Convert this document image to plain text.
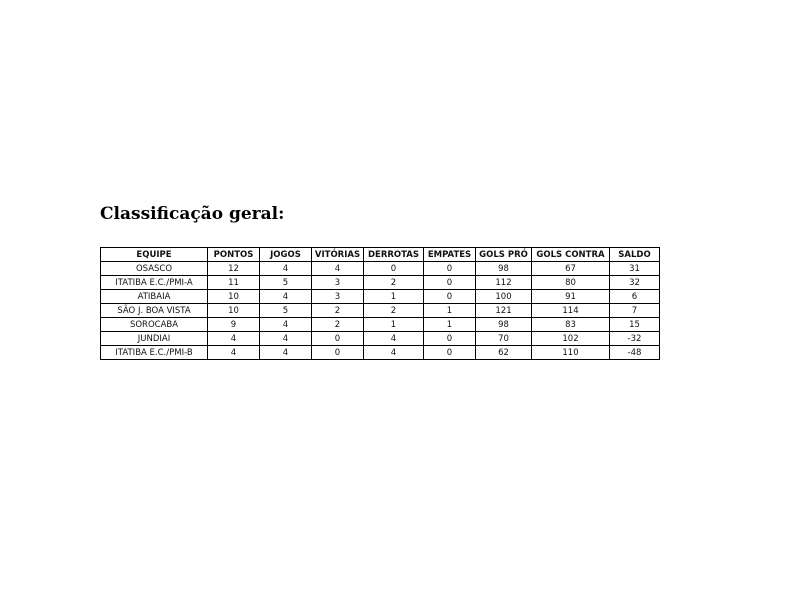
Classificação geral:
EQUIPE	PONTOS	JOGOS	VITÓRIAS	DERROTAS	EMPATES	GOLS PRÓ	GOLS CONTRA	SALDO
OSASCO	12	4	4	0	0	98	67	31
ITATIBA E.C./PMI-A	11	5	3	2	0	112	80	32
ATIBAIA	10	4	3	1	0	100	91	6
SÃO J. BOA VISTA	10	5	2	2	1	121	114	7
SOROCABA	9	4	2	1	1	98	83	15
JUNDIAI	4	4	0	4	0	70	102	-32
ITATIBA E.C./PMI-B	4	4	0	4	0	62	110	-48
